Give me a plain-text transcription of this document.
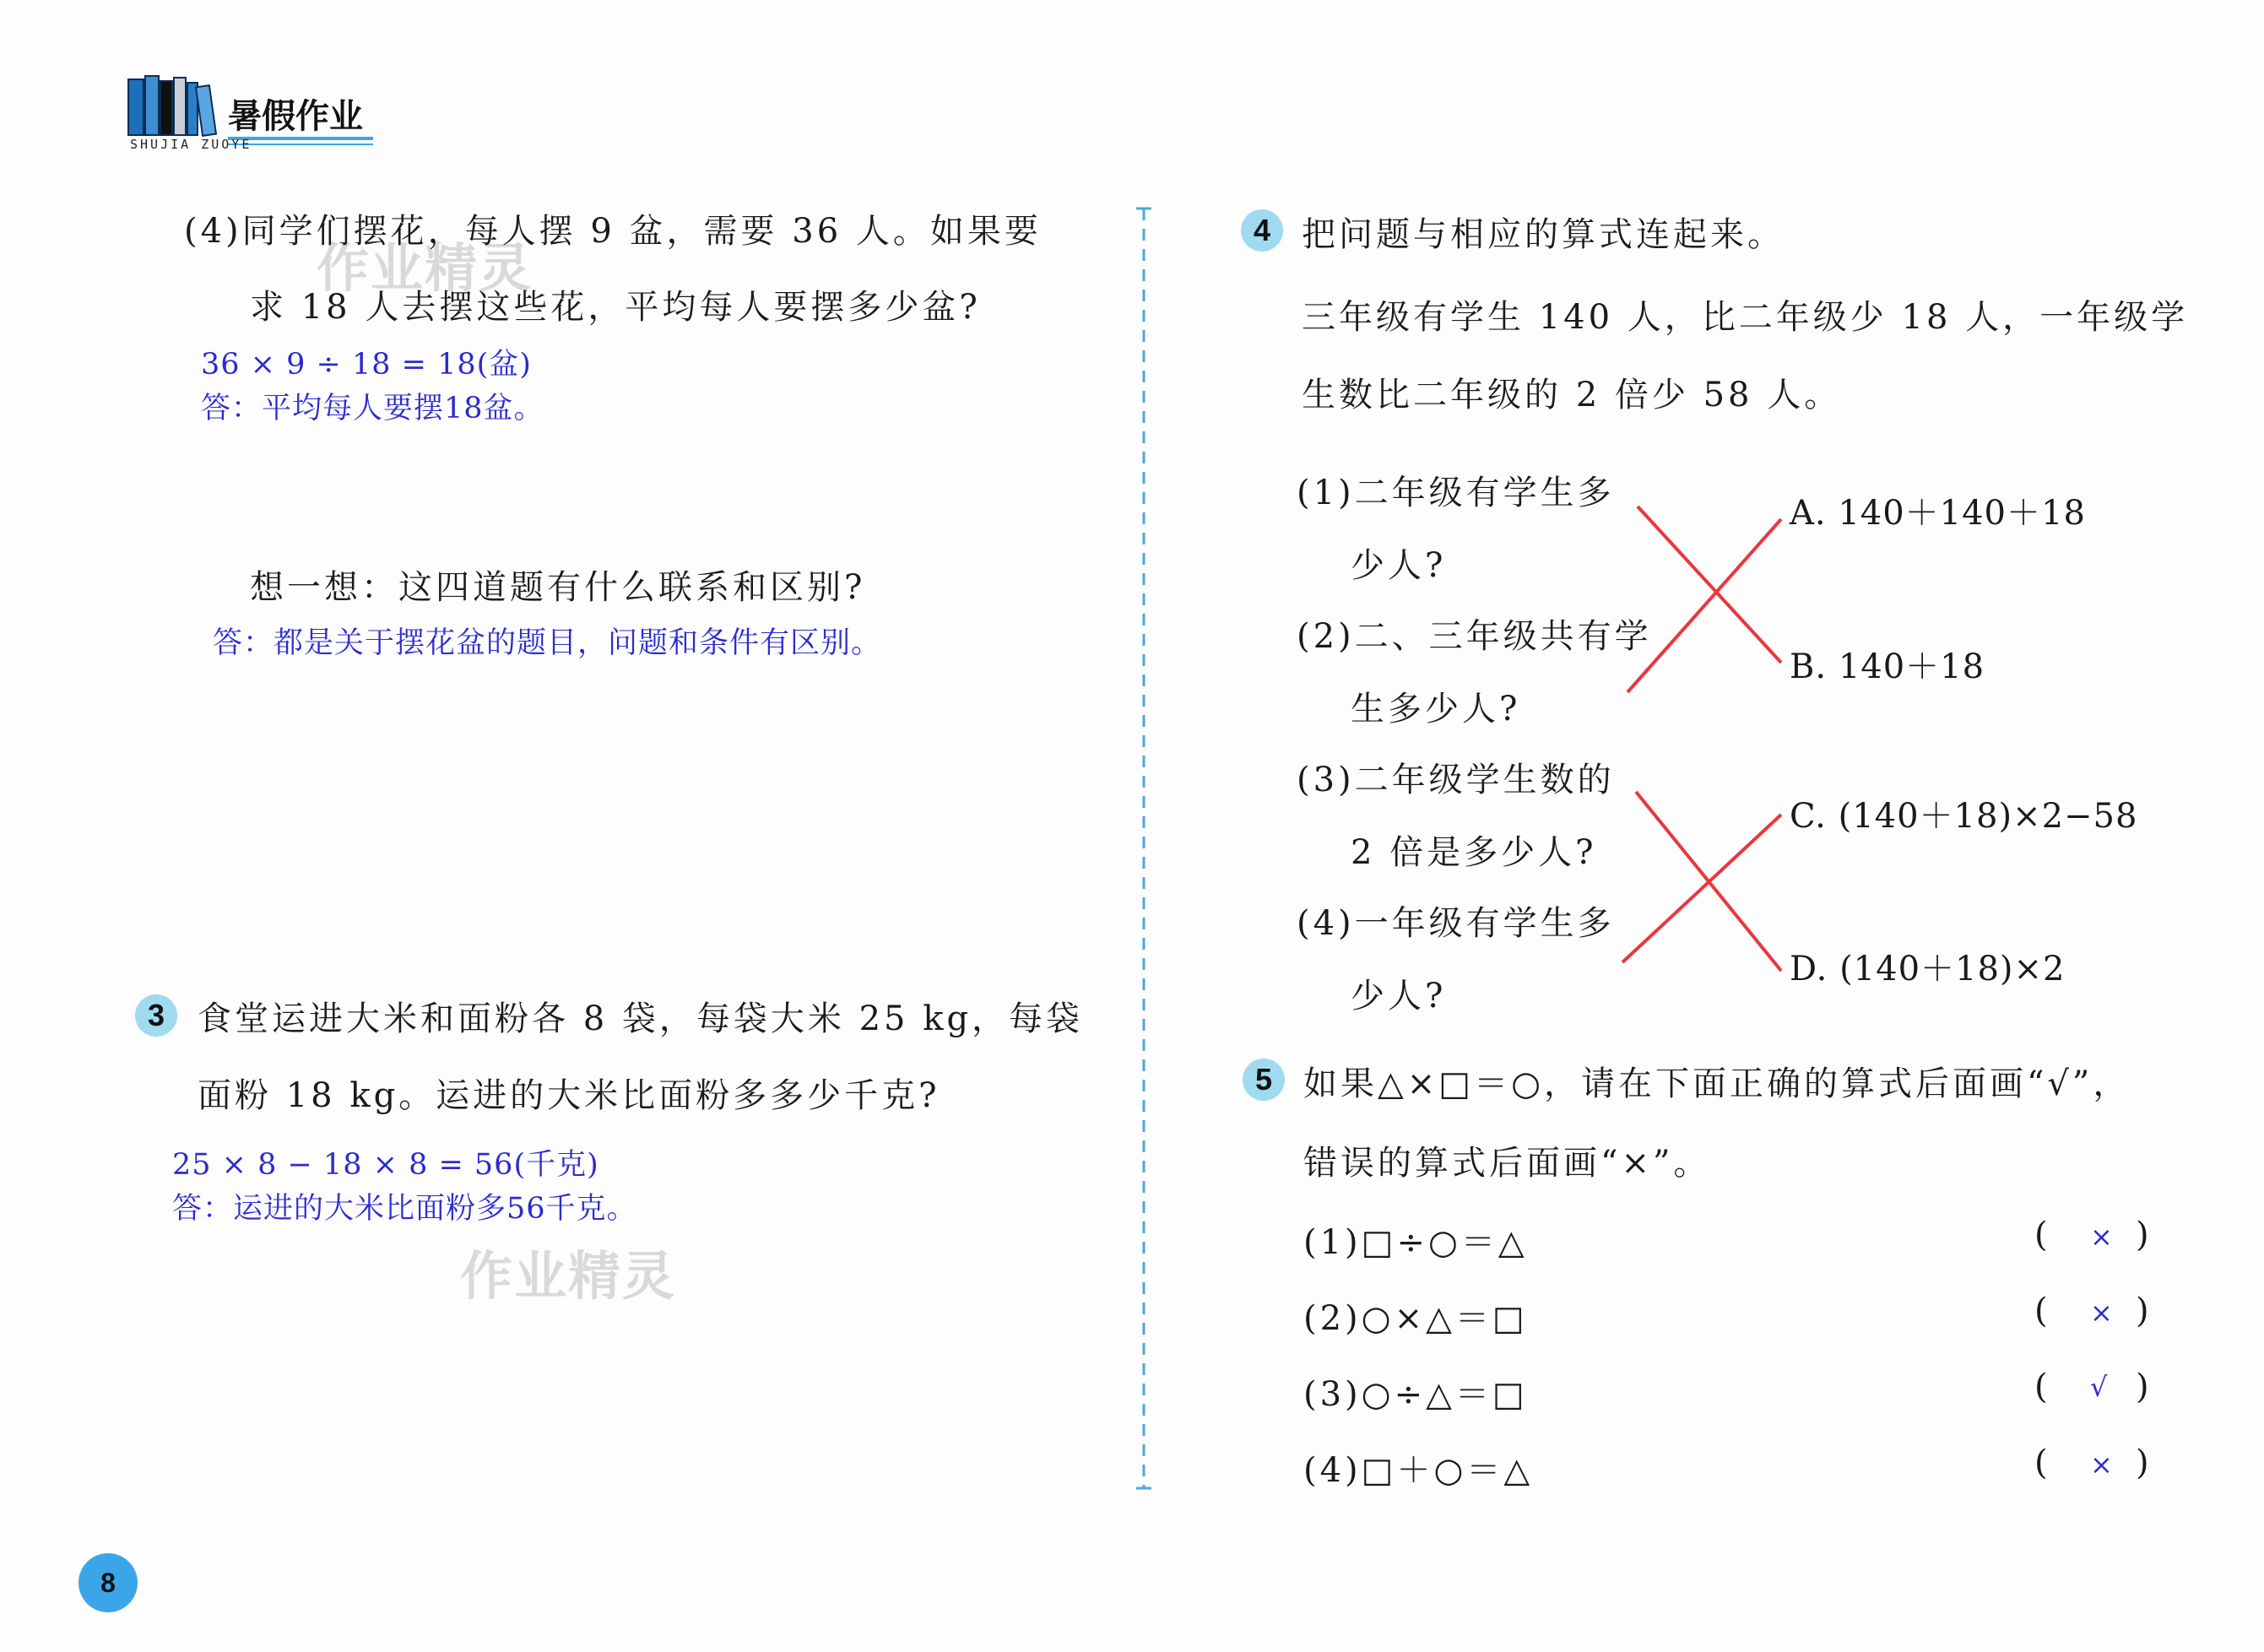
暑假作业
SHUJIA ZUOYE
作业精灵
作业精灵
(4)同学们摆花，每人摆 9 盆，需要 36 人。如果要
求 18 人去摆这些花，平均每人要摆多少盆?
36 × 9 ÷ 18 = 18(盆)
答：平均每人要摆18盆。
想一想：这四道题有什么联系和区别?
答：都是关于摆花盆的题目，问题和条件有区别。
3 食堂运进大米和面粉各 8 袋，每袋大米 25 kg，每袋
面粉 18 kg。运进的大米比面粉多多少千克?
25 × 8 − 18 × 8 = 56(千克)
答：运进的大米比面粉多56千克。
4 把问题与相应的算式连起来。
三年级有学生 140 人，比二年级少 18 人，一年级学
生数比二年级的 2 倍少 58 人。
(1)二年级有学生多
少人?
(2)二、三年级共有学
生多少人?
(3)二年级学生数的
2 倍是多少人?
(4)一年级有学生多
少人?
A. 140＋140＋18
B. 140＋18
C. (140＋18)×2−58
D. (140＋18)×2
5 如果△×□＝○，请在下面正确的算式后面画“√”，
错误的算式后面画“×”。
(1)□÷○＝△	( × )
(2)○×△＝□	( × )
(3)○÷△＝□	( √ )
(4)□＋○＝△	( × )
8
